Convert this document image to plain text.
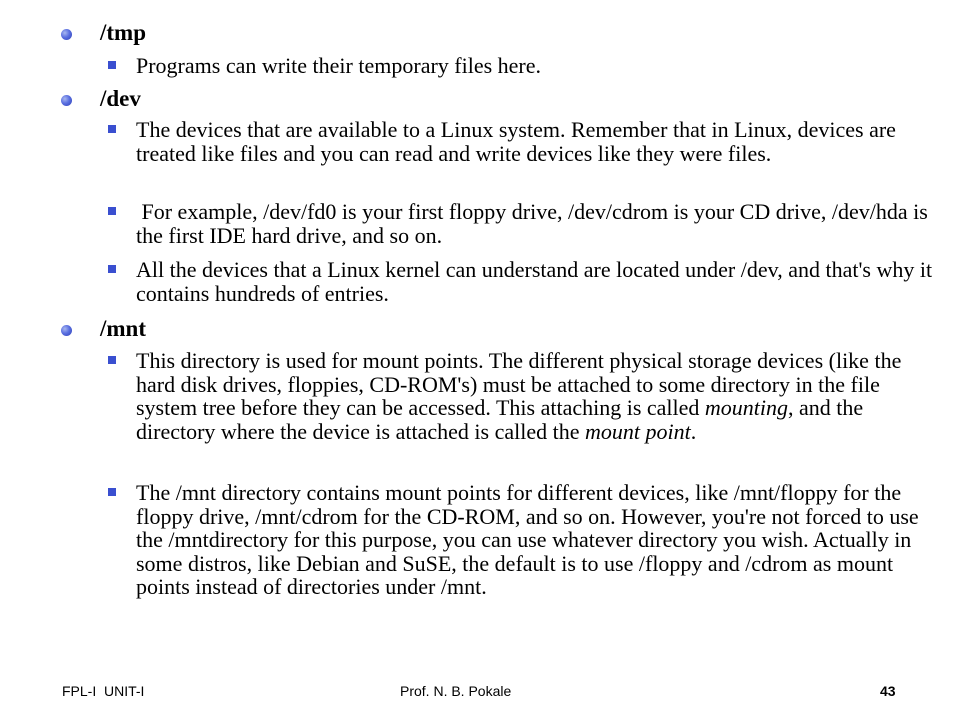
/tmp

Programs can write their temporary files here.

/dev

The devices that are available to a Linux system. Remember that in Linux, devices are treated like files and you can read and write devices like they were files.

For example, /dev/fd0 is your first floppy drive, /dev/cdrom is your CD drive, /dev/hda is the first IDE hard drive, and so on.

All the devices that a Linux kernel can understand are located under /dev, and that's why it contains hundreds of entries.

/mnt

This directory is used for mount points. The different physical storage devices (like the hard disk drives, floppies, CD-ROM's) must be attached to some directory in the file system tree before they can be accessed. This attaching is called mounting, and the directory where the device is attached is called the mount point.

The /mnt directory contains mount points for different devices, like /mnt/floppy for the floppy drive, /mnt/cdrom for the CD-ROM, and so on. However, you're not forced to use the /mntdirectory for this purpose, you can use whatever directory you wish. Actually in some distros, like Debian and SuSE, the default is to use /floppy and /cdrom as mount points instead of directories under /mnt.

FPL-I  UNIT-I	Prof. N. B. Pokale	43
